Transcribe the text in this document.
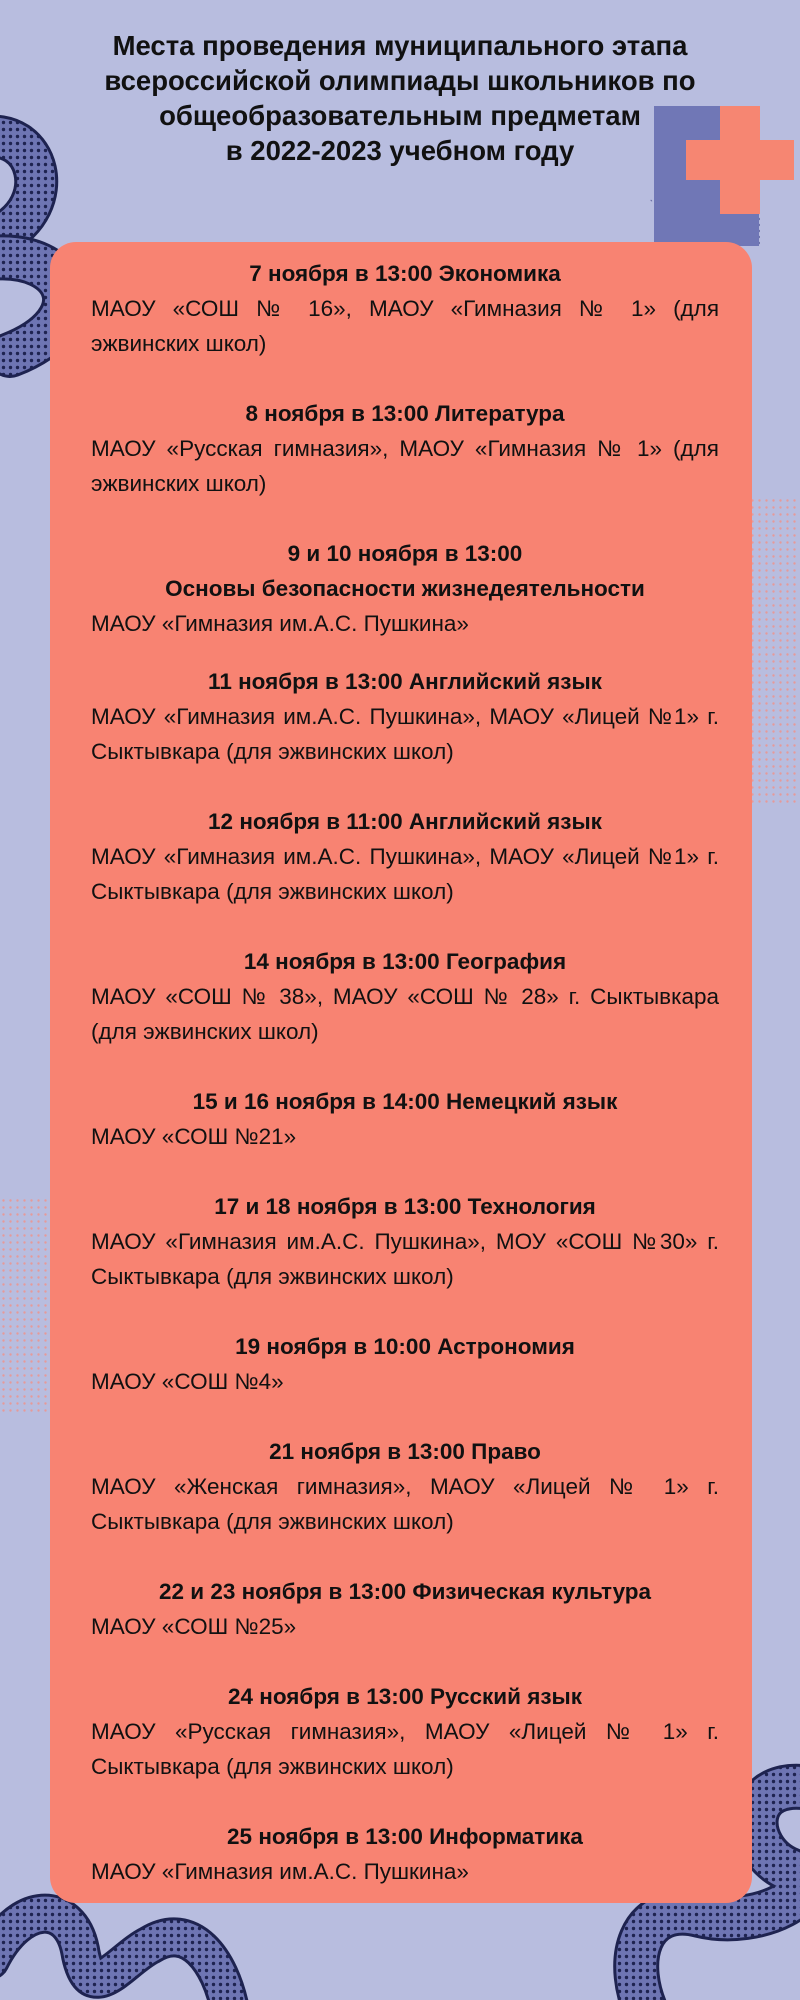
Места проведения муниципального этапа
всероссийской олимпиады школьников по
общеобразовательным предметам
в 2022-2023 учебном году

7 ноября в 13:00 Экономика

МАОУ «СОШ № 16», МАОУ «Гимназия № 1» (для эжвинских школ)

8 ноября в 13:00 Литература

МАОУ «Русская гимназия», МАОУ «Гимназия № 1» (для эжвинских школ)

9 и 10 ноября в 13:00

Основы безопасности жизнедеятельности

МАОУ «Гимназия им.А.С. Пушкина»

11 ноября в 13:00 Английский язык

МАОУ «Гимназия им.А.С. Пушкина», МАОУ «Лицей №1» г. Сыктывкара (для эжвинских школ)

12 ноября в 11:00 Английский язык

МАОУ «Гимназия им.А.С. Пушкина», МАОУ «Лицей №1» г. Сыктывкара (для эжвинских школ)

14 ноября в 13:00 География

МАОУ «СОШ № 38», МАОУ «СОШ № 28» г. Сыктывкара (для эжвинских школ)

15 и 16 ноября в 14:00 Немецкий язык

МАОУ «СОШ №21»

17 и 18 ноября в 13:00 Технология

МАОУ «Гимназия им.А.С. Пушкина», МОУ «СОШ №30» г. Сыктывкара (для эжвинских школ)

19 ноября в 10:00 Астрономия

МАОУ «СОШ №4»

21 ноября в 13:00 Право

МАОУ «Женская гимназия», МАОУ «Лицей № 1» г. Сыктывкара (для эжвинских школ)

22 и 23 ноября в 13:00 Физическая культура

МАОУ «СОШ №25»

24 ноября в 13:00 Русский язык

МАОУ «Русская гимназия», МАОУ «Лицей № 1» г. Сыктывкара (для эжвинских школ)

25 ноября в 13:00 Информатика

МАОУ «Гимназия им.А.С. Пушкина»
